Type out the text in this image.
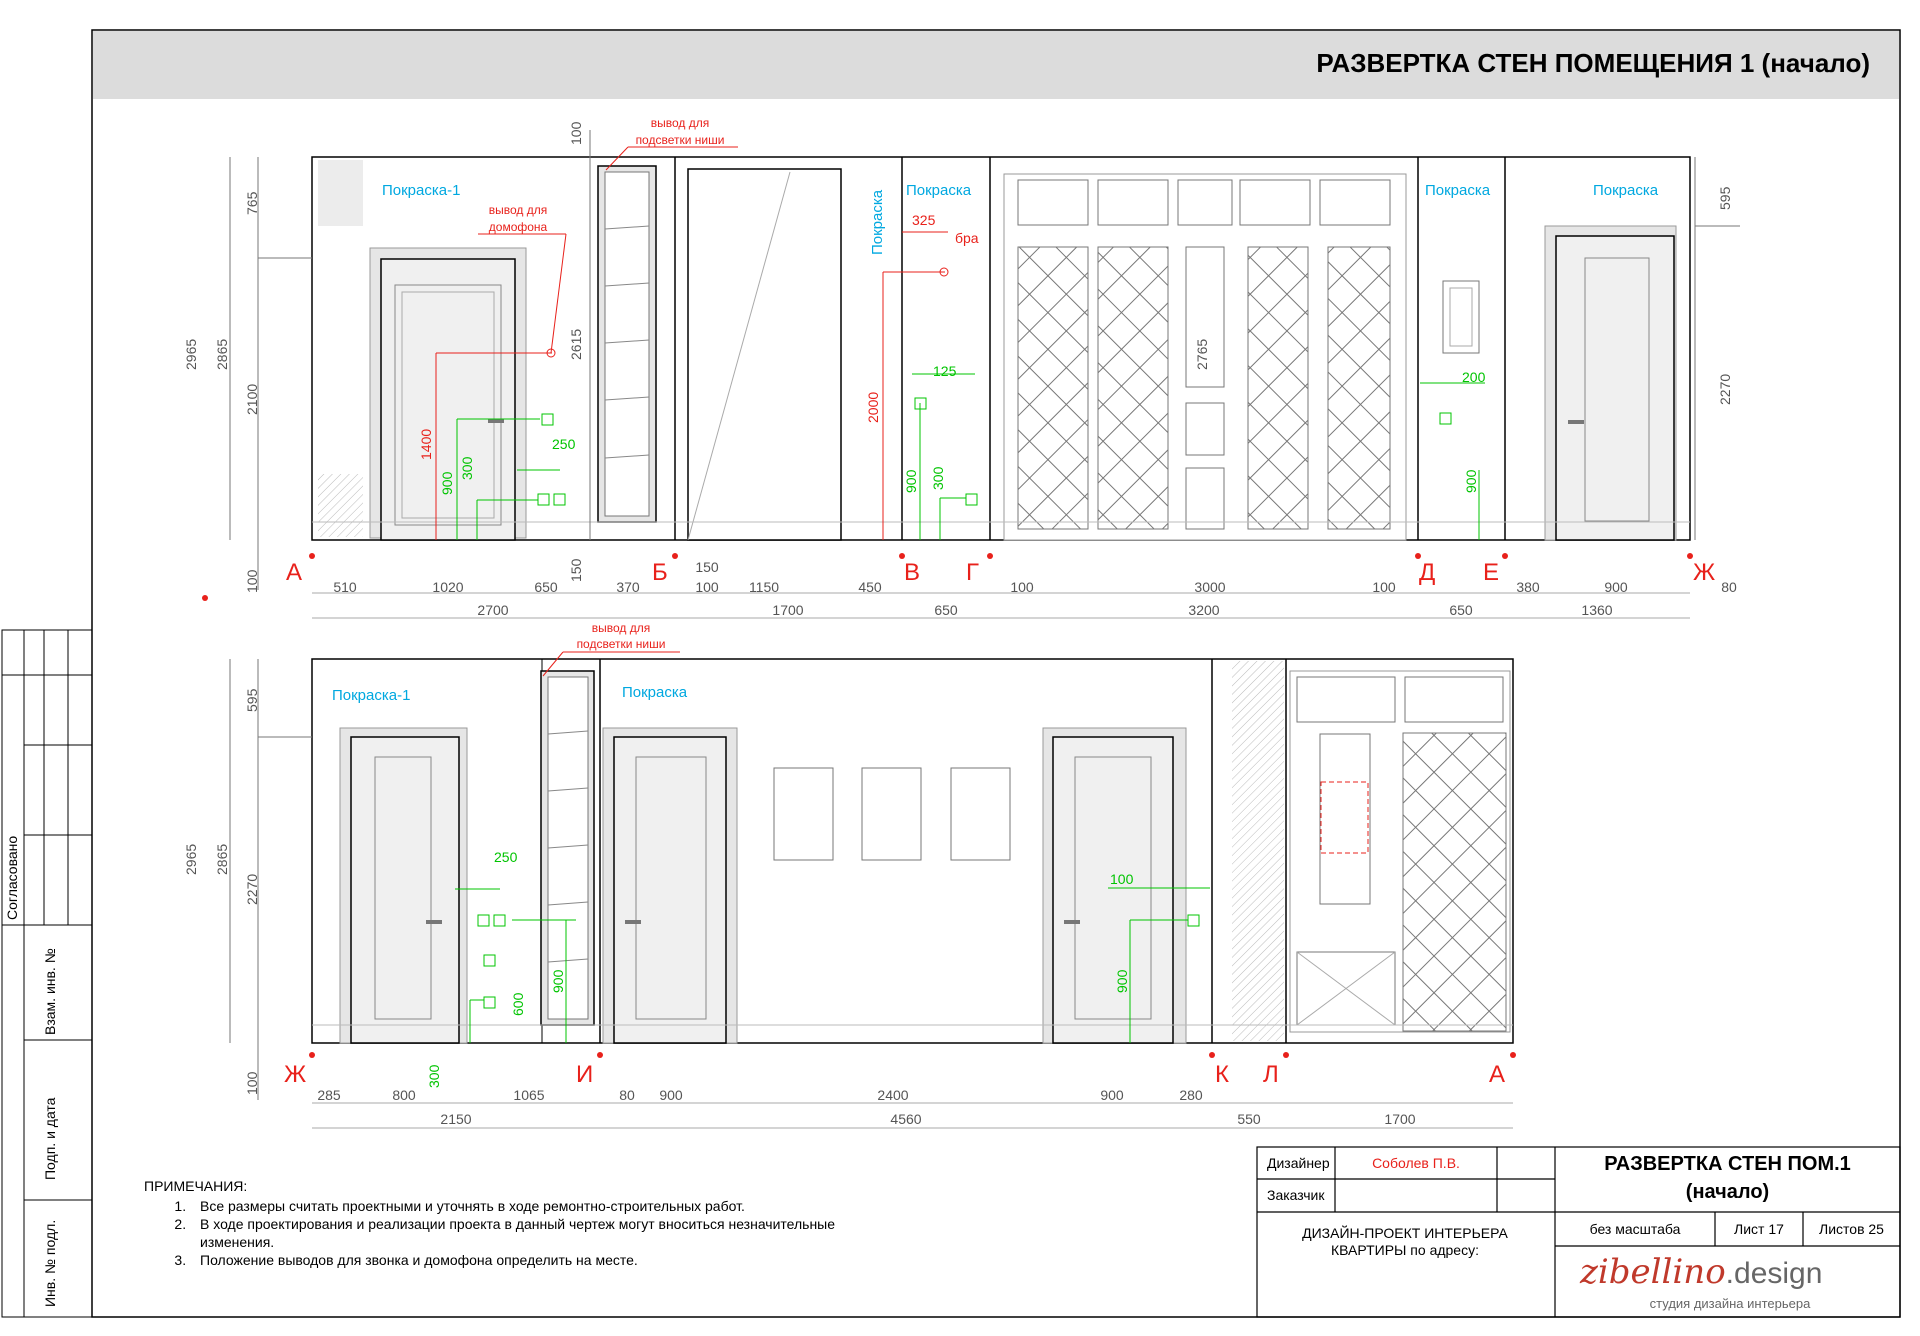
РАЗВЕРТКА СТЕН ПОМЕЩЕНИЯ 1 (начало)
Согласовано
Взам. инв. №
Подп. и дата
Инв. № подл.
Покраска-1	Покраска Покраска	Покраска	Покраска
вывод для
подсветки ниши
вывод для
домофона
бра
1400
2000
325
900
300
250
125
900 300
200
900
2965 2865
765
2100
100
595
2270
100
2615	2765
А	Б	В Г	Д Е	Ж
510	1020	650	370
150
100 1150	450	100	3000	100	380	900	80
150
2700	1700	650	3200	650	1360
Покраска-1	Покраска
вывод для
подсветки ниши
250
600
900
300
100
900
2965 2865
595
2270
100 Ж	И	К Л	А
285	800	1065	80 900	2400	900	280
2150	4560	550	1700
ПРИМЕЧАНИЯ:
1. Все размеры считать проектными и уточнять в ходе ремонтно-строительных работ.
2. В ходе проектирования и реализации проекта в данный чертеж могут вноситься незначительные изменения.
3. Положение выводов для звонка и домофона определить на месте.
Дизайнер	Соболев П.В.
Заказчик
ДИЗАЙН-ПРОЕКТ ИНТЕРЬЕРА КВАРТИРЫ по адресу:
РАЗВЕРТКА СТЕН ПОМ.1
(начало)
без масштаба	Лист 17	Листов 25
zibellino.design
студия дизайна интерьера
